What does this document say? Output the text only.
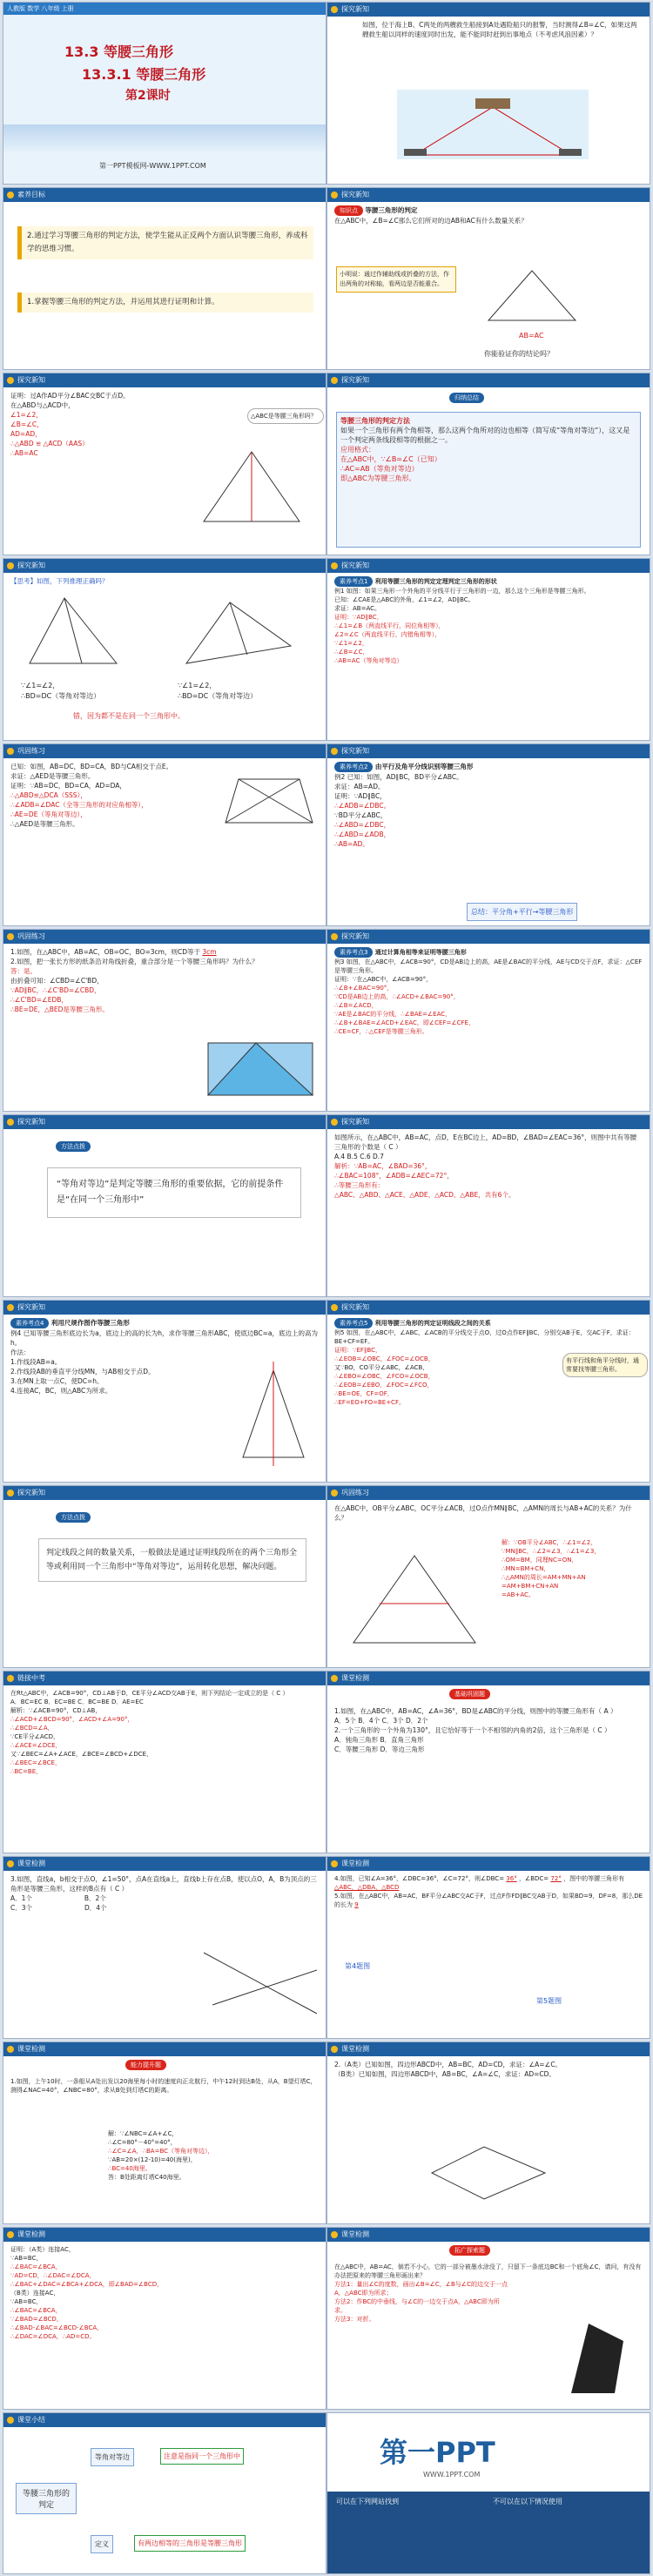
人教版 数学 八年级 上册
13.3 等腰三角形
13.3.1 等腰三角形
第2课时
第一PPT模板网-WWW.1PPT.COM
探究新知
如图，位于海上B、C两处的两艘救生船接到A处遇险船只的报警，当时测得∠B=∠C，如果这两艘救生船以同样的速度同时出发，能不能同时赶到出事地点（不考虑风浪因素）？
素养目标
2.通过学习等腰三角形的判定方法，使学生能从正反两个方面认识等腰三角形，养成科学的思维习惯。
1.掌握等腰三角形的判定方法，并运用其进行证明和计算。
探究新知
知识点 等腰三角形的判定
在△ABC中，∠B=∠C那么它们所对的边AB和AC有什么数量关系？
小明说：通过作辅助线或折叠的方法，作出两角的对称轴，看两边是否能重合。
AB=AC
你能验证你的结论吗？
探究新知
证明：过A作AD平分∠BAC交BC于点D。
在△ABD与△ACD中，
∠1=∠2，
∠B=∠C，
AD=AD，
∴△ABD ≌ △ACD（AAS）
∴AB=AC
△ABC是等腰三角形吗？
探究新知
归纳总结
等腰三角形的判定方法
如果一个三角形有两个角相等，那么这两个角所对的边也相等（简写成“等角对等边”），这又是一个判定两条线段相等的根据之一。
应用格式：
在△ABC中，∵∠B=∠C（已知）
∴AC=AB（等角对等边）
即△ABC为等腰三角形。
探究新知
【思考】如图，下列推理正确吗？
∵∠1=∠2，
∴BD=DC（等角对等边）
∵∠1=∠2，
∴BD=DC（等角对等边）
错，因为都不是在同一个三角形中。
探究新知
素养考点1 利用等腰三角形的判定定理判定三角形的形状
例1 如图：如果三角形一个外角的平分线平行于三角形的一边，那么这个三角形是等腰三角形。
已知：∠CAE是△ABC的外角，∠1=∠2，AD∥BC。
求证：AB=AC。
证明：∵AD∥BC，
∴∠1=∠B（两直线平行，同位角相等），
∠2=∠C（两直线平行，内错角相等），
∵∠1=∠2，
∴∠B=∠C，
∴AB=AC（等角对等边）
巩固练习
已知：如图，AB=DC，BD=CA，BD与CA相交于点E。
求证：△AED是等腰三角形。
证明：∵AB=DC，BD=CA，AD=DA，
∴△ABD≌△DCA（SSS），
∴∠ADB=∠DAC（全等三角形的对应角相等），
∴AE=DE（等角对等边），
∴△AED是等腰三角形。
探究新知
素养考点2 由平行及角平分线识别等腰三角形
例2 已知：如图，AD∥BC，BD平分∠ABC。
求证：AB=AD。
证明：∵AD∥BC，
∴∠ADB=∠DBC。
∵BD平分∠ABC，
∴∠ABD=∠DBC，
∴∠ABD=∠ADB，
∴AB=AD。
总结：平分角+平行→等腰三角形
巩固练习
1.如图，在△ABC中，AB=AC，OB=OC，BO=3cm，则CD等于 3cm
2.如图，把一张长方形的纸条沿对角线折叠，重合部分是一个等腰三角形吗？为什么？
答：是。
由折叠可知：∠CBD=∠C'BD，
∵AD∥BC，∴∠C'BD=∠CBD，
∴∠C'BD=∠EDB，
∴BE=DE，△BED是等腰三角形。
探究新知
素养考点3 通过计算角相等来证明等腰三角形
例3 如图，在△ABC中，∠ACB=90°，CD是AB边上的高，AE是∠BAC的平分线，AE与CD交于点F，求证：△CEF是等腰三角形。
证明：∵在△ABC中，∠ACB=90°，
∴∠B+∠BAC=90°，
∵CD是AB边上的高，∴∠ACD+∠BAC=90°，
∴∠B=∠ACD，
∵AE是∠BAC的平分线，∴∠BAE=∠EAC，
∴∠B+∠BAE=∠ACD+∠EAC，即∠CEF=∠CFE，
∴CE=CF，∴△CEF是等腰三角形。
探究新知
方法点拨
“等角对等边”是判定等腰三角形的重要依据，它的前提条件是“在同一个三角形中”
探究新知
如图所示，在△ABC中，AB=AC，点D，E在BC边上，AD=BD，∠BAD=∠EAC=36°，则图中共有等腰三角形的个数是（ C ）
A.4 B.5 C.6 D.7
解析：∵AB=AC，∠BAD=36°，
∴∠BAC=108°，∠ADB=∠AEC=72°，
∴等腰三角形有：
△ABC、△ABD、△ACE、△ADE、△ACD、△ABE，共有6个。
探究新知
素养考点4 利用尺规作图作等腰三角形
例4 已知等腰三角形底边长为a，底边上的高的长为h，求作等腰三角形ABC，使底边BC=a，底边上的高为h。
作法：
1.作线段AB=a。
2.作线段AB的垂直平分线MN，与AB相交于点D。
3.在MN上取一点C，使DC=h。
4.连接AC，BC，则△ABC为所求。
探究新知
素养考点5 利用等腰三角形的判定证明线段之间的关系
例5 如图，在△ABC中，∠ABC，∠ACB的平分线交于点O，过O点作EF∥BC，分别交AB于E，交AC于F，求证：BE+CF=EF。
证明：∵EF∥BC，
∴∠EOB=∠OBC，∠FOC=∠OCB，
又∵BO，CO平分∠ABC，∠ACB，
∴∠EBO=∠OBC，∠FCO=∠OCB，
∴∠EOB=∠EBO，∠FOC=∠FCO，
∴BE=OE，CF=OF，
∴EF=EO+FO=BE+CF。
有平行线和角平分线时，通常要找等腰三角形。
探究新知
方法点拨
判定线段之间的数量关系，一般做法是通过证明线段所在的两个三角形全等或利用同一个三角形中“等角对等边”，运用转化思想，解决问题。
巩固练习
在△ABC中，OB平分∠ABC，OC平分∠ACB，过O点作MN∥BC，△AMN的周长与AB+AC的关系？为什么？
解：∵OB平分∠ABC，∴∠1=∠2，
∵MN∥BC，∴∠2=∠3，∴∠1=∠3，
∴OM=BM，同理NC=ON，
∴MN=BM+CN，
∴△AMN的周长=AM+MN+AN
=AM+BM+CN+AN
=AB+AC。
链接中考
在Rt△ABC中，∠ACB=90°，CD⊥AB于D，CE平分∠ACD交AB于E，则下列结论一定成立的是（ C ）
A．BC=EC B．EC=BE C．BC=BE D．AE=EC
解析：∵∠ACB=90°，CD⊥AB，
∴∠ACD+∠BCD=90°，∠ACD+∠A=90°，
∴∠BCD=∠A，
∵CE平分∠ACD，
∴∠ACE=∠DCE，
又∵∠BEC=∠A+∠ACE，∠BCE=∠BCD+∠DCE，
∴∠BEC=∠BCE，
∴BC=BE，
课堂检测
基础巩固题
1.如图，在△ABC中，AB=AC，∠A=36°，BD是∠ABC的平分线，则图中的等腰三角形有（ A ）
A．5个 B．4个 C．3个 D．2个
2.一个三角形的一个外角为130°，且它恰好等于一个不相邻的内角的2倍，这个三角形是（ C ）
A．钝角三角形 B．直角三角形
C．等腰三角形 D．等边三角形
课堂检测
3.如图，直线a，b相交于点O，∠1=50°，点A在直线a上，直线b上存在点B，使以点O，A，B为顶点的三角形是等腰三角形，这样的B点有（ C ）
A．1个	B．2个
C．3个	D．4个
课堂检测
4.如图，已知∠A=36°，∠DBC=36°，∠C=72°，则∠DBC= 36° ，∠BDC= 72° ，图中的等腰三角形有 △ABC，△DBA，△BCD
5.如图，在△ABC中，AB=AC，BF平分∠ABC交AC于F，过点F作FD∥BC交AB于D，如果BD=9，DF=8，那么DE的长为 9
第4题图
第5题图
课堂检测
能力提升题
1.如图，上午10时，一条船从A处出发以20海里每小时的速度向正北航行，中午12时到达B处，从A，B望灯塔C，测得∠NAC=40°，∠NBC=80°，求从B处到灯塔C的距离。
解：∵∠NBC=∠A+∠C，
∴∠C=80°－40°=40°，
∴∠C=∠A，∴BA=BC（等角对等边），
∵AB=20×(12-10)=40(海里)，
∴BC=40海里。
答：B处距离灯塔C40海里。
课堂检测
2.（A类）已知如图，四边形ABCD中，AB=BC，AD=CD，求证：∠A=∠C。
（B类）已知如图，四边形ABCD中，AB=BC，∠A=∠C，求证：AD=CD。
课堂检测
证明：（A类）连接AC，
∵AB=BC，
∴∠BAC=∠BCA，
∵AD=CD，∴∠DAC=∠DCA，
∴∠BAC+∠DAC=∠BCA+∠DCA，即∠BAD=∠BCD，
（B类）连接AC，
∵AB=BC，
∴∠BAC=∠BCA，
∵∠BAD=∠BCD，
∴∠BAD-∠BAC=∠BCD-∠BCA，
∴∠DAC=∠DCA，∴AD=CD。
课堂检测
拓广探索题
在△ABC中，AB=AC，倘若不小心，它的一部分被墨水涂没了，只留下一条底边BC和一个底角∠C，请问，有没有办法把原来的等腰三角形画出来？
方法1：量出∠C的度数，画出∠B=∠C，∠B与∠C的边交于一点A，△ABC即为所求；
方法2：作BC的中垂线，与∠C的一边交于点A，△ABC即为所求。
方法3：对折。
课堂小结
等腰三角形的判定
等角对等边	注意是指同一个三角形中
定义	有两边相等的三角形是等腰三角形
第一PPT
WWW.1PPT.COM
可以在下列网站找到	不可以在以下情况使用
